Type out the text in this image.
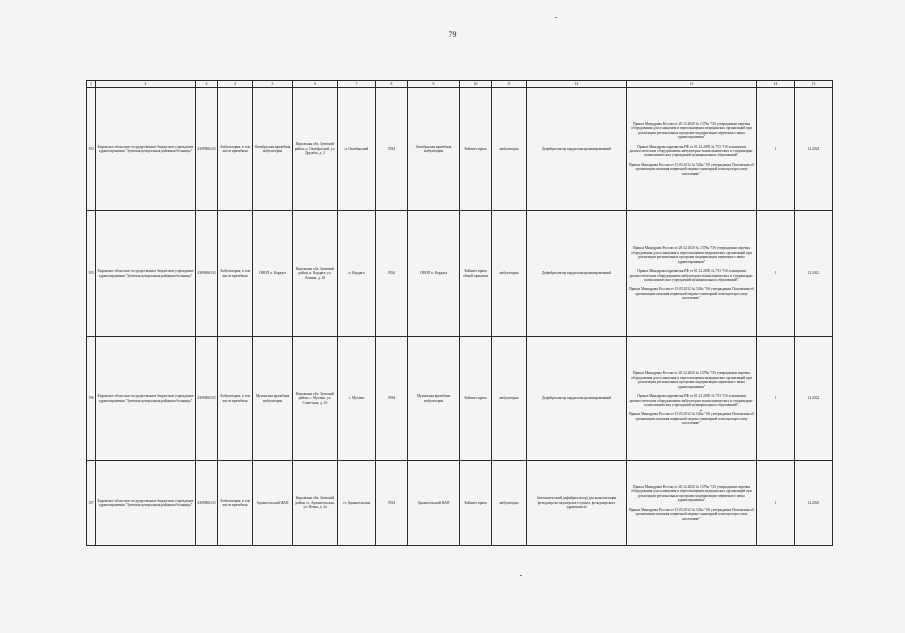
79
1	2	3	4	5	6	7	8	9	10	11	12	13	14	15
194	Кировское областное государственное бюджетное учреждение здравоохранения "Зуевская центральная районная больница"	4309006333	Амбулатория, в том числе врачебная	Октябрьская врачебная амбулатория	Кировская обл, Зуевский район, п. Октябрьский, ул. Дружбы, д. 2	п. Октябрьский	9534	Октябрьская врачебная амбулатория	Кабинет врача	амбулаторно	Дефибриллятор кардиосинхронизированный	Приказ Минздрава России от 28.12.2020 № 1379н "Об утверждении перечня оборудования для оснащения и переоснащения медицинских организаций при реализации региональных программ модернизации первичного звена здравоохранения"

Приказ Минздравсоцразвития РФ от 01.12.2005 № 753 "Об оснащении диагностическим оборудованием амбулаторно-поликлинических и стационарно-поликлинических учреждений муниципальных образований".

Приказ Минздрава России от 15.05.2012 № 543н "Об утверждении Положения об организации оказания первичной медико-санитарной помощи взрослому населению"	1	12.2024
195	Кировское областное государственное бюджетное учреждение здравоохранения "Зуевская центральная районная больница"	4309006333	Амбулатория, в том числе врачебная	ОВОП п. Кордяга	Кировская обл, Зуевский район, п. Кордяга, ул. Ленина, д. 20	п. Кордяга	9534	ОВОП п. Кордяга	Кабинет врача общей практики	амбулаторно	Дефибриллятор кардиосинхронизированный	Приказ Минздрава России от 28.12.2020 № 1379н "Об утверждении перечня оборудования для оснащения и переоснащения медицинских организаций при реализации региональных программ модернизации первичного звена здравоохранения"

Приказ Минздравсоцразвития РФ от 01.12.2005 № 753 "Об оснащении диагностическим оборудованием амбулаторно-поликлинических и стационарно-поликлинических учреждений муниципальных образований".

Приказ Минздрава России от 15.05.2012 № 543н "Об утверждении Положения об организации оказания первичной медико-санитарной помощи взрослому населению"	1	12.2021
196	Кировское областное государственное бюджетное учреждение здравоохранения "Зуевская центральная районная больница"	4309006333	Амбулатория, в том числе врачебная	Мухинская врачебная амбулатория	Кировская обл, Зуевский район, с. Мухино, ул. Советская, д. 10	с. Мухино	9534	Мухинская врачебная амбулатория	Кабинет врача	амбулаторно	Дефибриллятор кардиосинхронизированный	Приказ Минздрава России от 28.12.2020 № 1379н "Об утверждении перечня оборудования для оснащения и переоснащения медицинских организаций при реализации региональных программ модернизации первичного звена здравоохранения"

Приказ Минздравсоцразвития РФ от 01.12.2005 № 753 "Об оснащении диагностическим оборудованием амбулаторно-поликлинических и стационарно-поликлинических учреждений муниципальных образований".

Приказ Минздрава России от 15.05.2012 № 543н "Об утверждении Положения об организации оказания первичной медико-санитарной помощи взрослому населению"	1	12.2022
197	Кировское областное государственное бюджетное учреждение здравоохранения "Зуевская центральная районная больница"	4309006333	Амбулатория, в том числе врачебная	Архангельский ФАП	Кировская обл, Зуевский район, ст. Архангельская, ул. Новая, д. 2а	ст. Архангельская	9534	Архангельский ФАП	Кабинет врача	амбулаторно	Автоматический дефибриллятор (для комплектации фельдшерско-акушерского пункта, фельдшерского здравпункта)	Приказ Минздрава России от 28.12.2020 № 1379н "Об утверждении перечня оборудования для оснащения и переоснащения медицинских организаций при реализации региональных программ модернизации первичного звена здравоохранения"

Приказ Минздрава России от 15.05.2012 № 543н "Об утверждении Положения об организации оказания первичной медико-санитарной помощи взрослому населению"	1	12.2025
